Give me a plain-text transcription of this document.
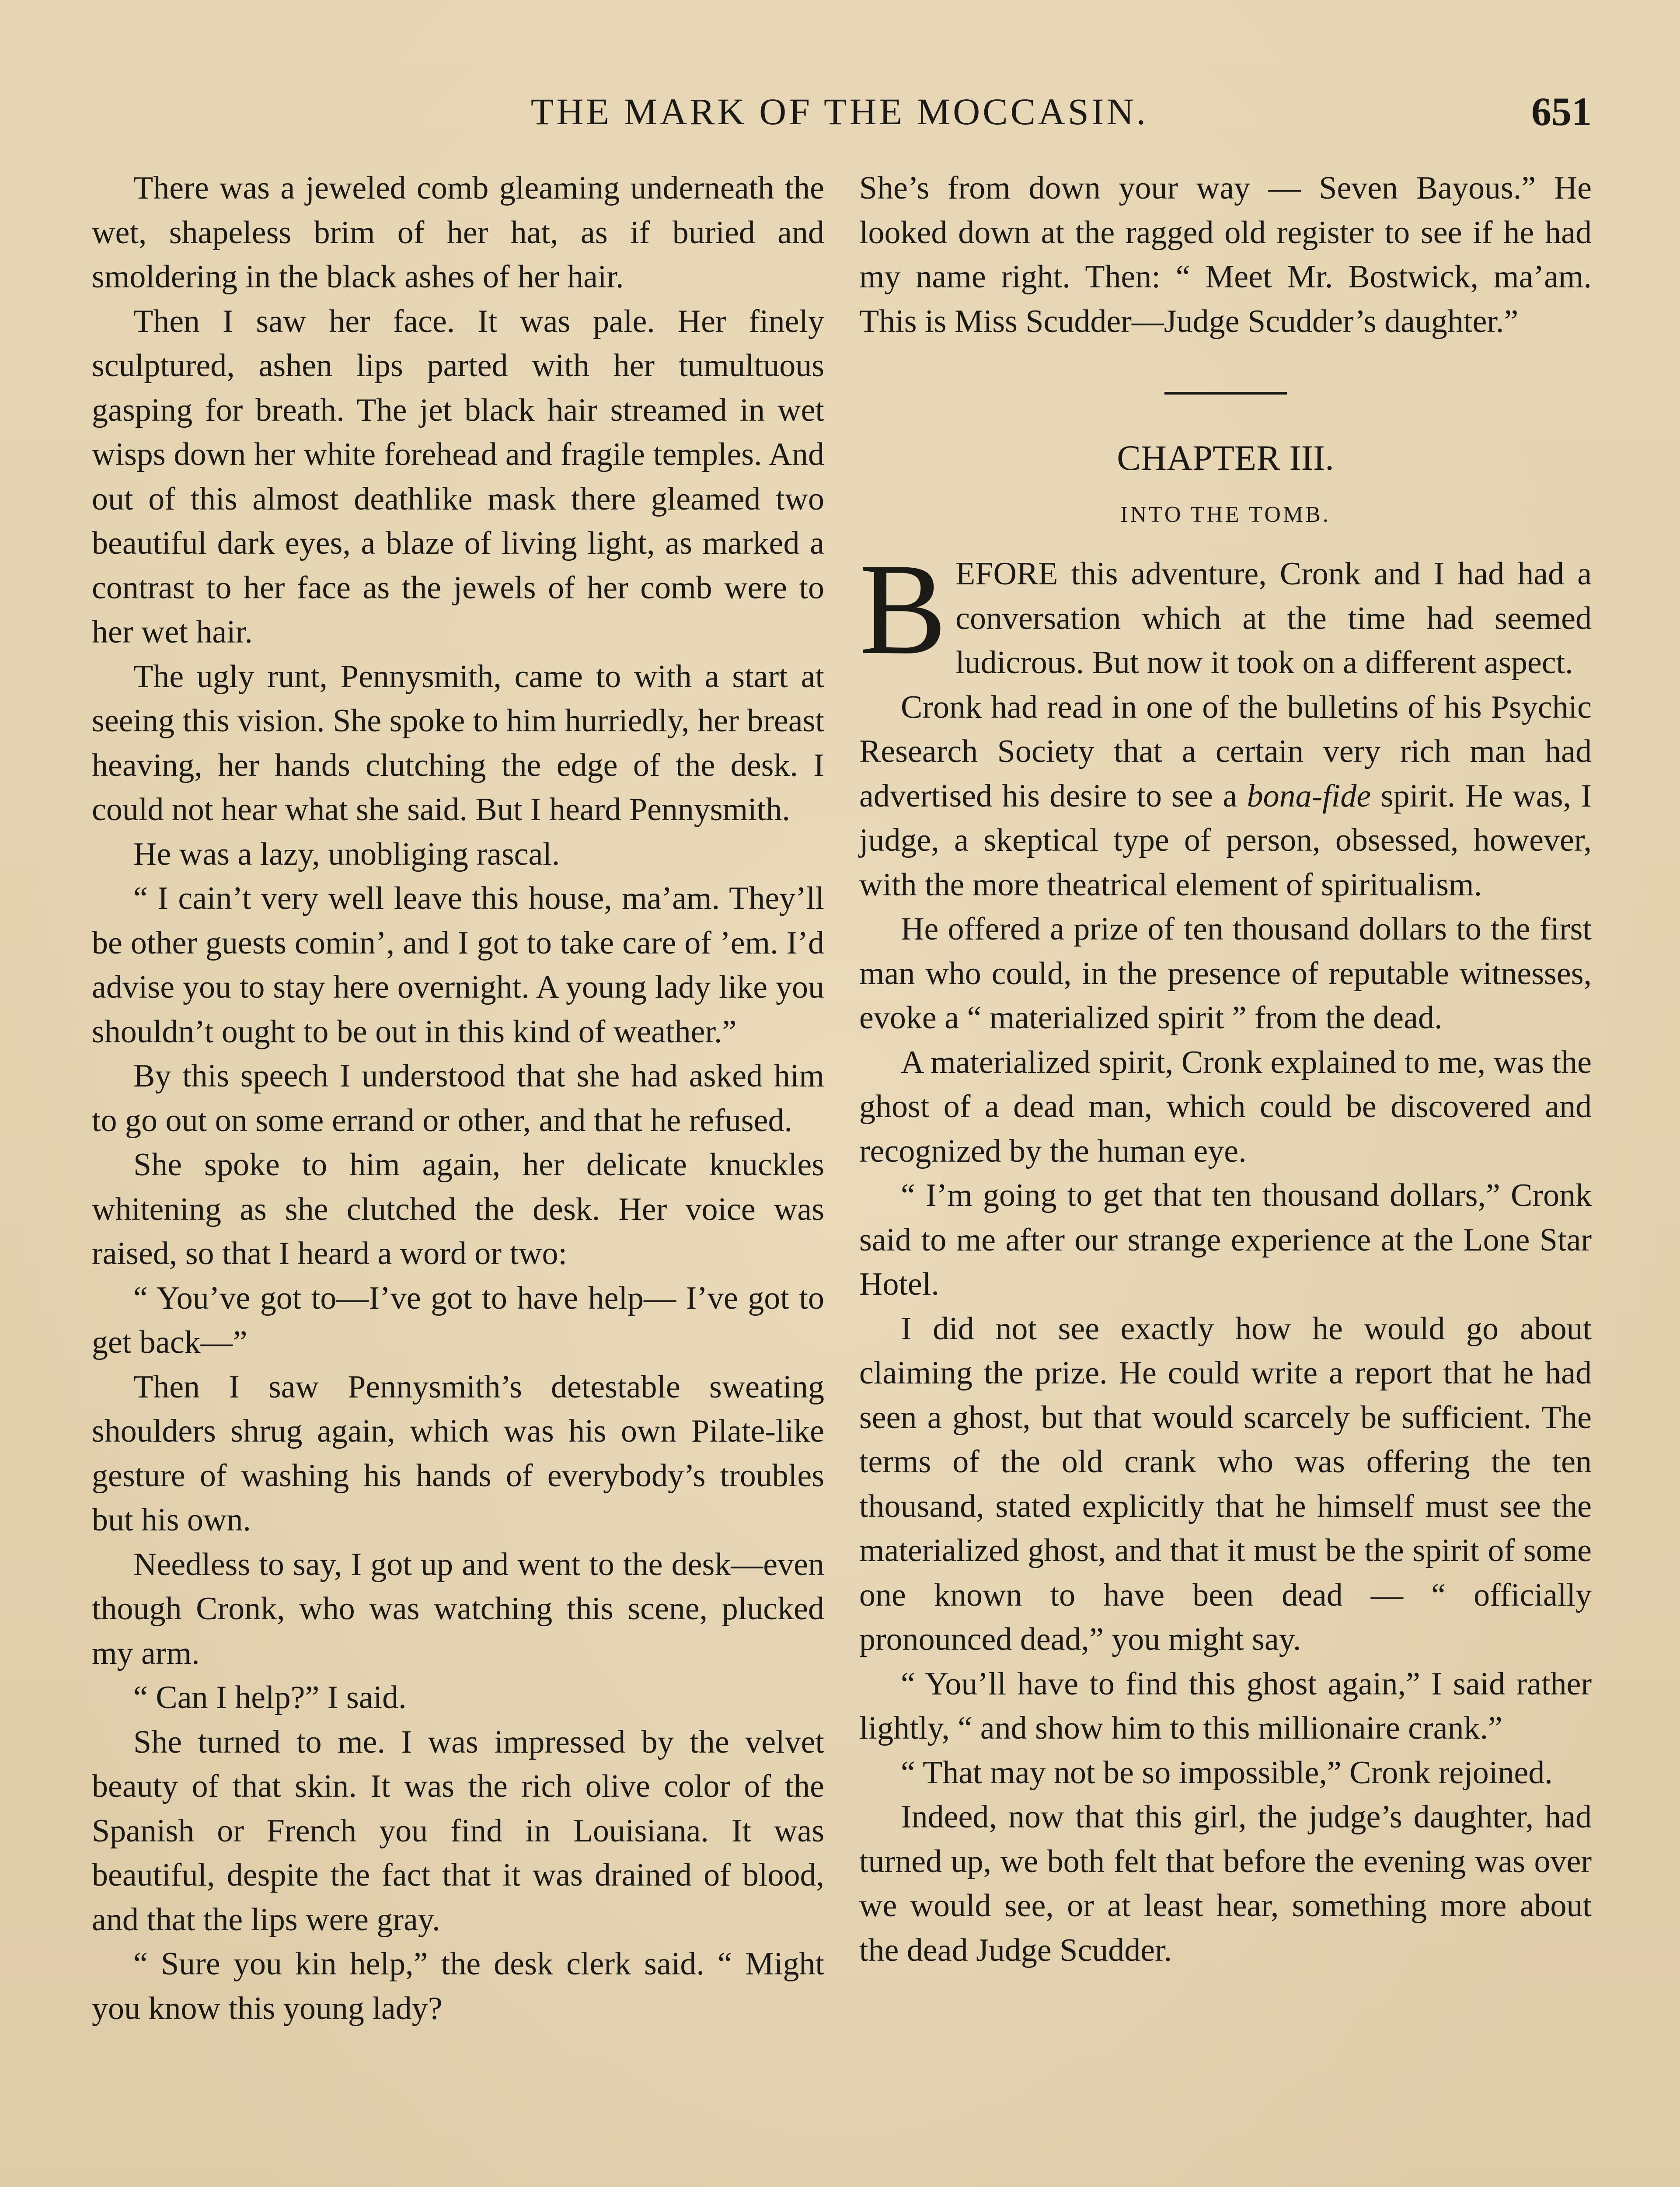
THE MARK OF THE MOCCASIN.	651

There was a jeweled comb gleaming underneath the wet, shapeless brim of her hat, as if buried and smoldering in the black ashes of her hair.

Then I saw her face. It was pale. Her finely sculptured, ashen lips parted with her tumultuous gasping for breath. The jet black hair streamed in wet wisps down her white forehead and fragile temples. And out of this almost deathlike mask there gleamed two beautiful dark eyes, a blaze of living light, as marked a contrast to her face as the jewels of her comb were to her wet hair.

The ugly runt, Pennysmith, came to with a start at seeing this vision. She spoke to him hurriedly, her breast heaving, her hands clutching the edge of the desk. I could not hear what she said. But I heard Pennysmith.

He was a lazy, unobliging rascal.

“ I cain’t very well leave this house, ma’am. They’ll be other guests comin’, and I got to take care of ’em. I’d advise you to stay here overnight. A young lady like you shouldn’t ought to be out in this kind of weather.”

By this speech I understood that she had asked him to go out on some errand or other, and that he refused.

She spoke to him again, her delicate knuckles whitening as she clutched the desk. Her voice was raised, so that I heard a word or two:

“ You’ve got to—I’ve got to have help— I’ve got to get back—”

Then I saw Pennysmith’s detestable sweating shoulders shrug again, which was his own Pilate-like gesture of washing his hands of everybody’s troubles but his own.

Needless to say, I got up and went to the desk—even though Cronk, who was watching this scene, plucked my arm.

“ Can I help?” I said.

She turned to me. I was impressed by the velvet beauty of that skin. It was the rich olive color of the Spanish or French you find in Louisiana. It was beautiful, despite the fact that it was drained of blood, and that the lips were gray.

“ Sure you kin help,” the desk clerk said. “ Might you know this young lady?

She’s from down your way — Seven Bayous.” He looked down at the ragged old register to see if he had my name right. Then: “ Meet Mr. Bostwick, ma’am. This is Miss Scudder—Judge Scudder’s daughter.”

CHAPTER III.
INTO THE TOMB.

BEFORE this adventure, Cronk and I had had a conversation which at the time had seemed ludicrous. But now it took on a different aspect.

Cronk had read in one of the bulletins of his Psychic Research Society that a certain very rich man had advertised his desire to see a bona-fide spirit. He was, I judge, a skeptical type of person, obsessed, however, with the more theatrical element of spiritualism.

He offered a prize of ten thousand dollars to the first man who could, in the presence of reputable witnesses, evoke a “ materialized spirit ” from the dead.

A materialized spirit, Cronk explained to me, was the ghost of a dead man, which could be discovered and recognized by the human eye.

“ I’m going to get that ten thousand dollars,” Cronk said to me after our strange experience at the Lone Star Hotel.

I did not see exactly how he would go about claiming the prize. He could write a report that he had seen a ghost, but that would scarcely be sufficient. The terms of the old crank who was offering the ten thousand, stated explicitly that he himself must see the materialized ghost, and that it must be the spirit of some one known to have been dead — “ officially pronounced dead,” you might say.

“ You’ll have to find this ghost again,” I said rather lightly, “ and show him to this millionaire crank.”

“ That may not be so impossible,” Cronk rejoined.

Indeed, now that this girl, the judge’s daughter, had turned up, we both felt that before the evening was over we would see, or at least hear, something more about the dead Judge Scudder.
